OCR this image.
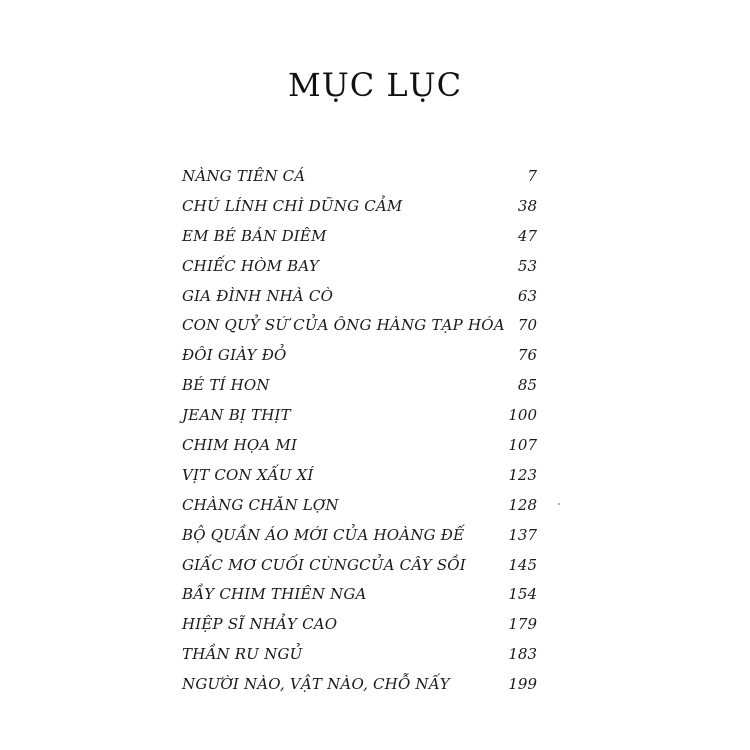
MỤC LỤC
NÀNG TIÊN CÁ	7
CHÚ LÍNH CHÌ DŨNG CẢM	38
EM BÉ BÁN DIÊM	47
CHIẾC HÒM BAY	53
GIA ĐÌNH NHÀ CÒ	63
CON QUỶ SỨ CỦA ÔNG HÀNG TẠP HÓA 70
ĐÔI GIÀY ĐỎ	76
BÉ TÍ HON	85
JEAN BỊ THỊT	100
CHIM HỌA MI	107
VỊT CON XẤU XÍ	123
CHÀNG CHĂN LỢN	128
BỘ QUẦN ÁO MỚI CỦA HOÀNG ĐẾ	137
GIẤC MƠ CUỐI CÙNGCỦA CÂY SỒI	145
BẦY CHIM THIÊN NGA	154
HIỆP SĨ NHẢY CAO	179
THẦN RU NGỦ	183
NGƯỜI NÀO, VẬT NÀO, CHỖ NẤY	199
